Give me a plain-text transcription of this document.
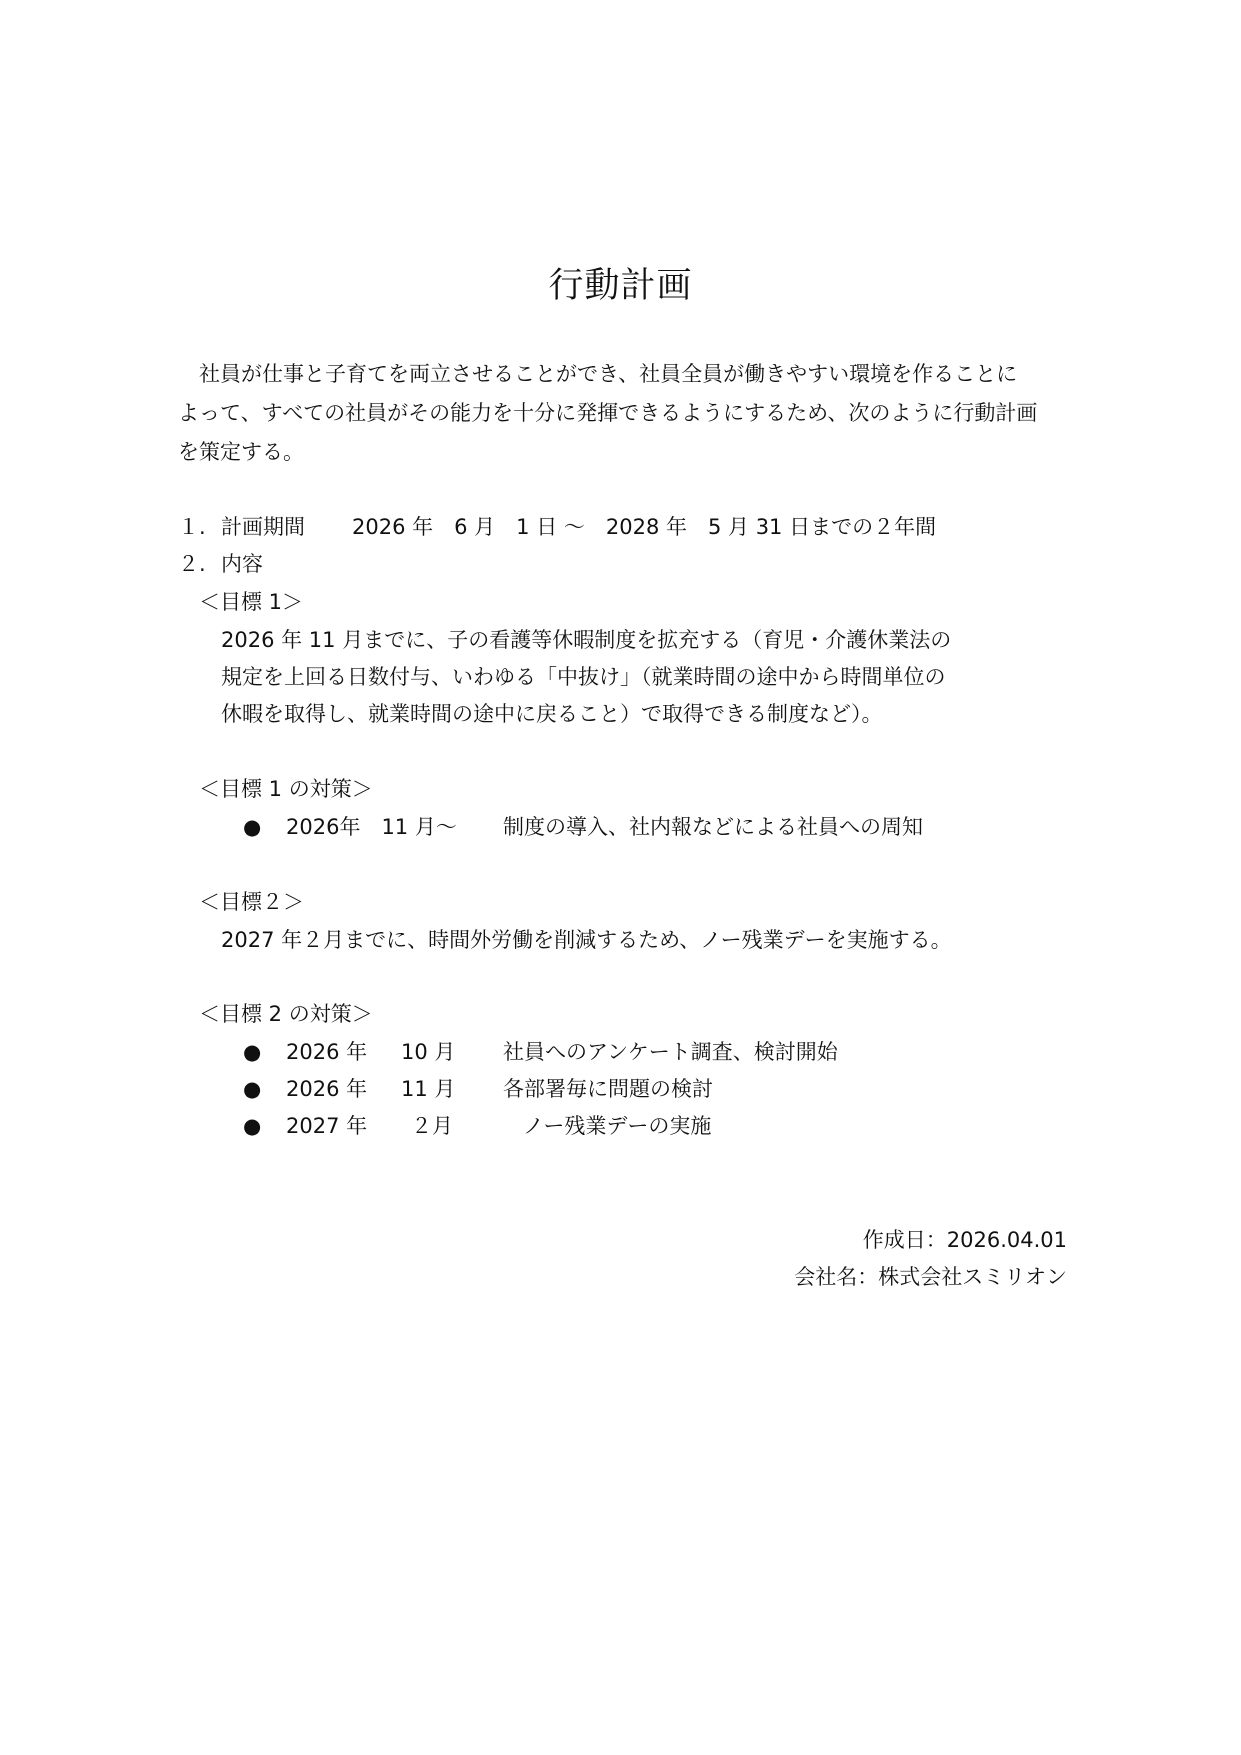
行動計画
社員が仕事と子育てを両立させることができ、社員全員が働きやすい環境を作ることに
よって、すべての社員がその能力を十分に発揮できるようにするため、次のように行動計画
を策定する。
１. 計画期間 2026 年　6 月　1 日 ～　2028 年　5 月 31 日までの２年間
２. 内容
＜目標 1＞
2026 年 11 月までに、子の看護等休暇制度を拡充する（育児・介護休業法の
規定を上回る日数付与、いわゆる「中抜け」（就業時間の途中から時間単位の
休暇を取得し、就業時間の途中に戻ること）で取得できる制度など）。
＜目標 1 の対策＞
● 2026年　11 月～ 制度の導入、社内報などによる社員への周知
＜目標２＞
2027 年２月までに、時間外労働を削減するため、ノー残業デーを実施する。
＜目標 2 の対策＞
● 2026 年 10 月 社員へのアンケート調査、検討開始
● 2026 年 11 月 各部署毎に問題の検討
● 2027 年 ２月	ノー残業デーの実施
作成日：2026.04.01
会社名：株式会社スミリオン
